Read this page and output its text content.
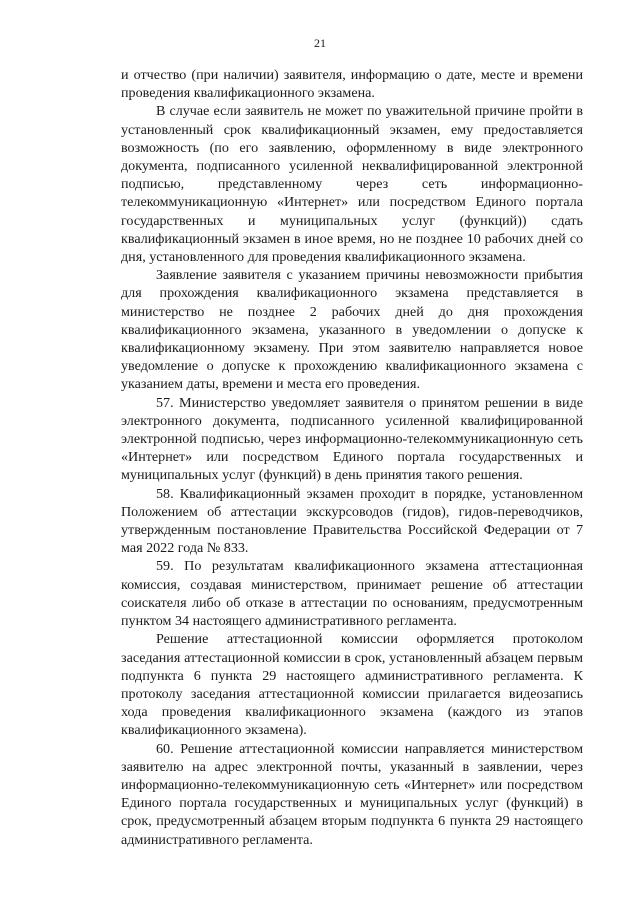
21

и отчество (при наличии) заявителя, информацию о дате, месте и времени проведения квалификационного экзамена.

В случае если заявитель не может по уважительной причине пройти в установленный срок квалификационный экзамен, ему предоставляется возможность (по его заявлению, оформленному в виде электронного документа, подписанного усиленной неквалифицированной электронной подписью, представленному через сеть информационно-телекоммуникационную «Интернет» или посредством Единого портала государственных и муниципальных услуг (функций)) сдать квалификационный экзамен в иное время, но не позднее 10 рабочих дней со дня, установленного для проведения квалификационного экзамена.

Заявление заявителя с указанием причины невозможности прибытия для прохождения квалификационного экзамена представляется в министерство не позднее 2 рабочих дней до дня прохождения квалификационного экзамена, указанного в уведомлении о допуске к квалификационному экзамену. При этом заявителю направляется новое уведомление о допуске к прохождению квалификационного экзамена с указанием даты, времени и места его проведения.

57. Министерство уведомляет заявителя о принятом решении в виде электронного документа, подписанного усиленной квалифицированной электронной подписью, через информационно-телекоммуникационную сеть «Интернет» или посредством Единого портала государственных и муниципальных услуг (функций) в день принятия такого решения.

58. Квалификационный экзамен проходит в порядке, установленном Положением об аттестации экскурсоводов (гидов), гидов-переводчиков, утвержденным постановление Правительства Российской Федерации от 7 мая 2022 года № 833.

59. По результатам квалификационного экзамена аттестационная комиссия, создавая министерством, принимает решение об аттестации соискателя либо об отказе в аттестации по основаниям, предусмотренным пунктом 34 настоящего административного регламента.

Решение аттестационной комиссии оформляется протоколом заседания аттестационной комиссии в срок, установленный абзацем первым подпункта 6 пункта 29 настоящего административного регламента. К протоколу заседания аттестационной комиссии прилагается видеозапись хода проведения квалификационного экзамена (каждого из этапов квалификационного экзамена).

60. Решение аттестационной комиссии направляется министерством заявителю на адрес электронной почты, указанный в заявлении, через информационно-телекоммуникационную сеть «Интернет» или посредством Единого портала государственных и муниципальных услуг (функций) в срок, предусмотренный абзацем вторым подпункта 6 пункта 29 настоящего административного регламента.
